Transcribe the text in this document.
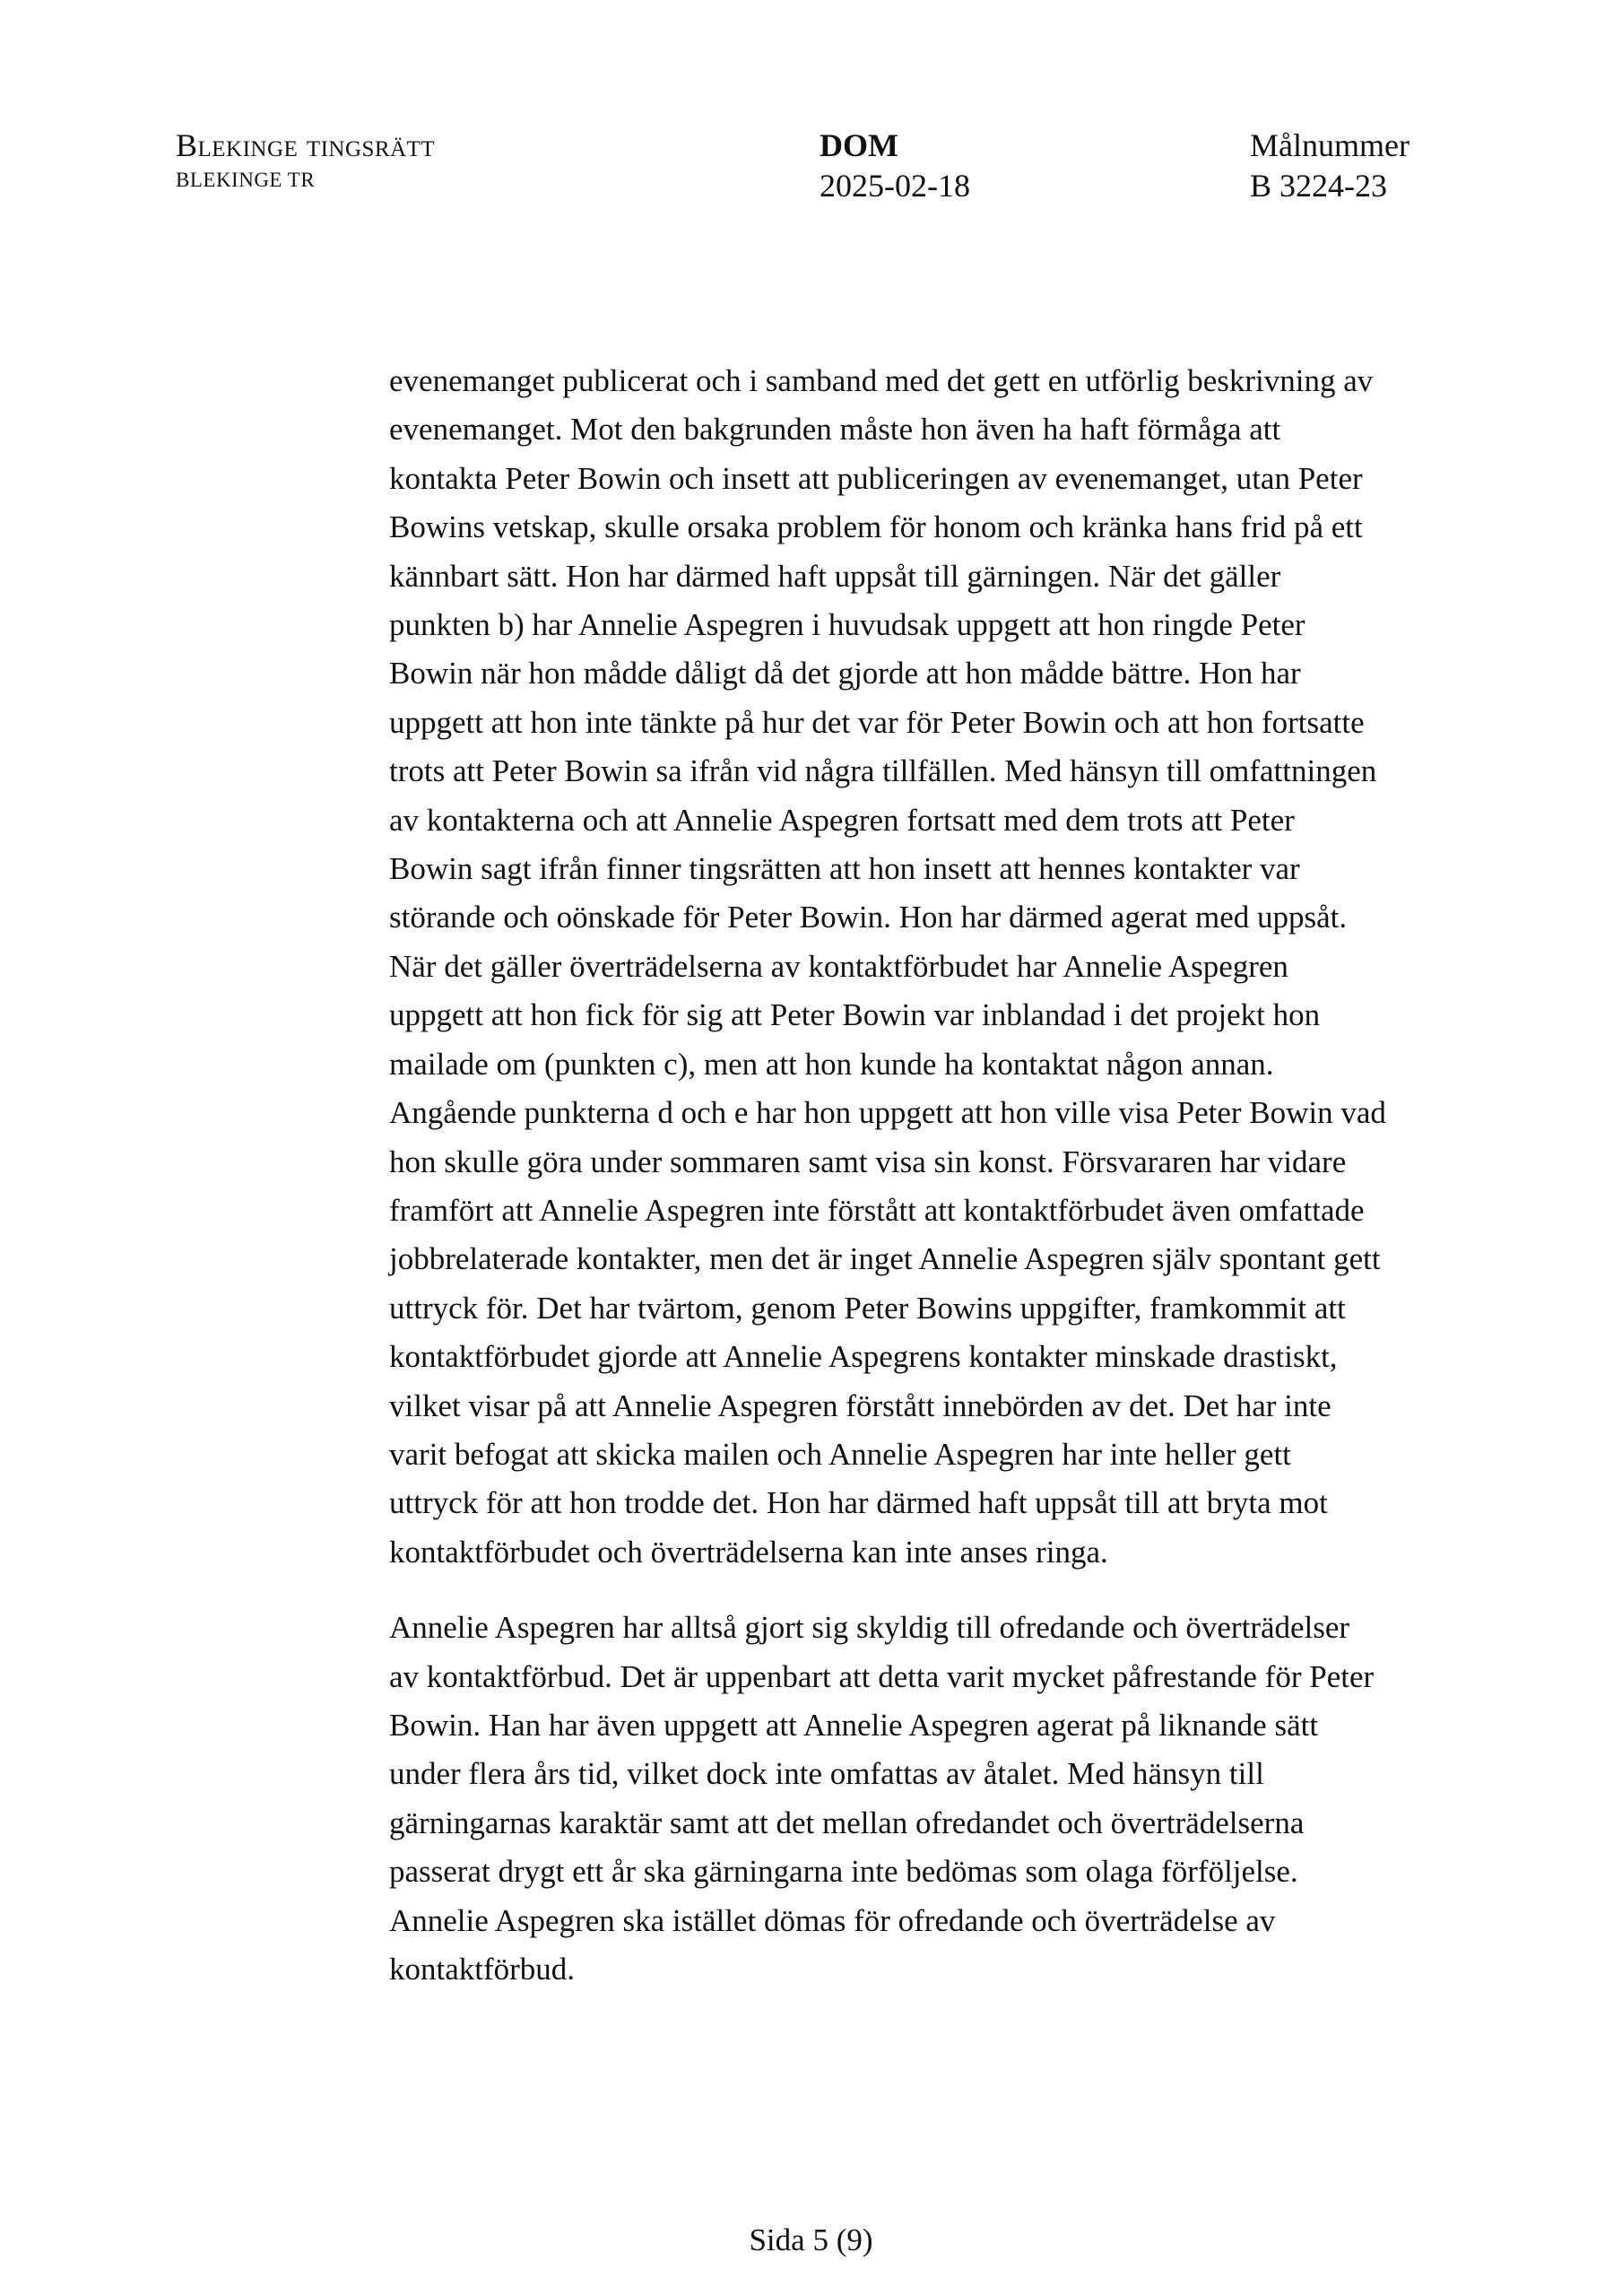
Blekinge tingsrätt
BLEKINGE TR
DOM
2025-02-18
Målnummer
B 3224-23
evenemanget publicerat och i samband med det gett en utförlig beskrivning av
evenemanget. Mot den bakgrunden måste hon även ha haft förmåga att
kontakta Peter Bowin och insett att publiceringen av evenemanget, utan Peter
Bowins vetskap, skulle orsaka problem för honom och kränka hans frid på ett
kännbart sätt. Hon har därmed haft uppsåt till gärningen. När det gäller
punkten b) har Annelie Aspegren i huvudsak uppgett att hon ringde Peter
Bowin när hon mådde dåligt då det gjorde att hon mådde bättre. Hon har
uppgett att hon inte tänkte på hur det var för Peter Bowin och att hon fortsatte
trots att Peter Bowin sa ifrån vid några tillfällen. Med hänsyn till omfattningen
av kontakterna och att Annelie Aspegren fortsatt med dem trots att Peter
Bowin sagt ifrån finner tingsrätten att hon insett att hennes kontakter var
störande och oönskade för Peter Bowin. Hon har därmed agerat med uppsåt.
När det gäller överträdelserna av kontaktförbudet har Annelie Aspegren
uppgett att hon fick för sig att Peter Bowin var inblandad i det projekt hon
mailade om (punkten c), men att hon kunde ha kontaktat någon annan.
Angående punkterna d och e har hon uppgett att hon ville visa Peter Bowin vad
hon skulle göra under sommaren samt visa sin konst. Försvararen har vidare
framfört att Annelie Aspegren inte förstått att kontaktförbudet även omfattade
jobbrelaterade kontakter, men det är inget Annelie Aspegren själv spontant gett
uttryck för. Det har tvärtom, genom Peter Bowins uppgifter, framkommit att
kontaktförbudet gjorde att Annelie Aspegrens kontakter minskade drastiskt,
vilket visar på att Annelie Aspegren förstått innebörden av det. Det har inte
varit befogat att skicka mailen och Annelie Aspegren har inte heller gett
uttryck för att hon trodde det. Hon har därmed haft uppsåt till att bryta mot
kontaktförbudet och överträdelserna kan inte anses ringa.
Annelie Aspegren har alltså gjort sig skyldig till ofredande och överträdelser
av kontaktförbud. Det är uppenbart att detta varit mycket påfrestande för Peter
Bowin. Han har även uppgett att Annelie Aspegren agerat på liknande sätt
under flera års tid, vilket dock inte omfattas av åtalet. Med hänsyn till
gärningarnas karaktär samt att det mellan ofredandet och överträdelserna
passerat drygt ett år ska gärningarna inte bedömas som olaga förföljelse.
Annelie Aspegren ska istället dömas för ofredande och överträdelse av
kontaktförbud.
Sida 5 (9)
